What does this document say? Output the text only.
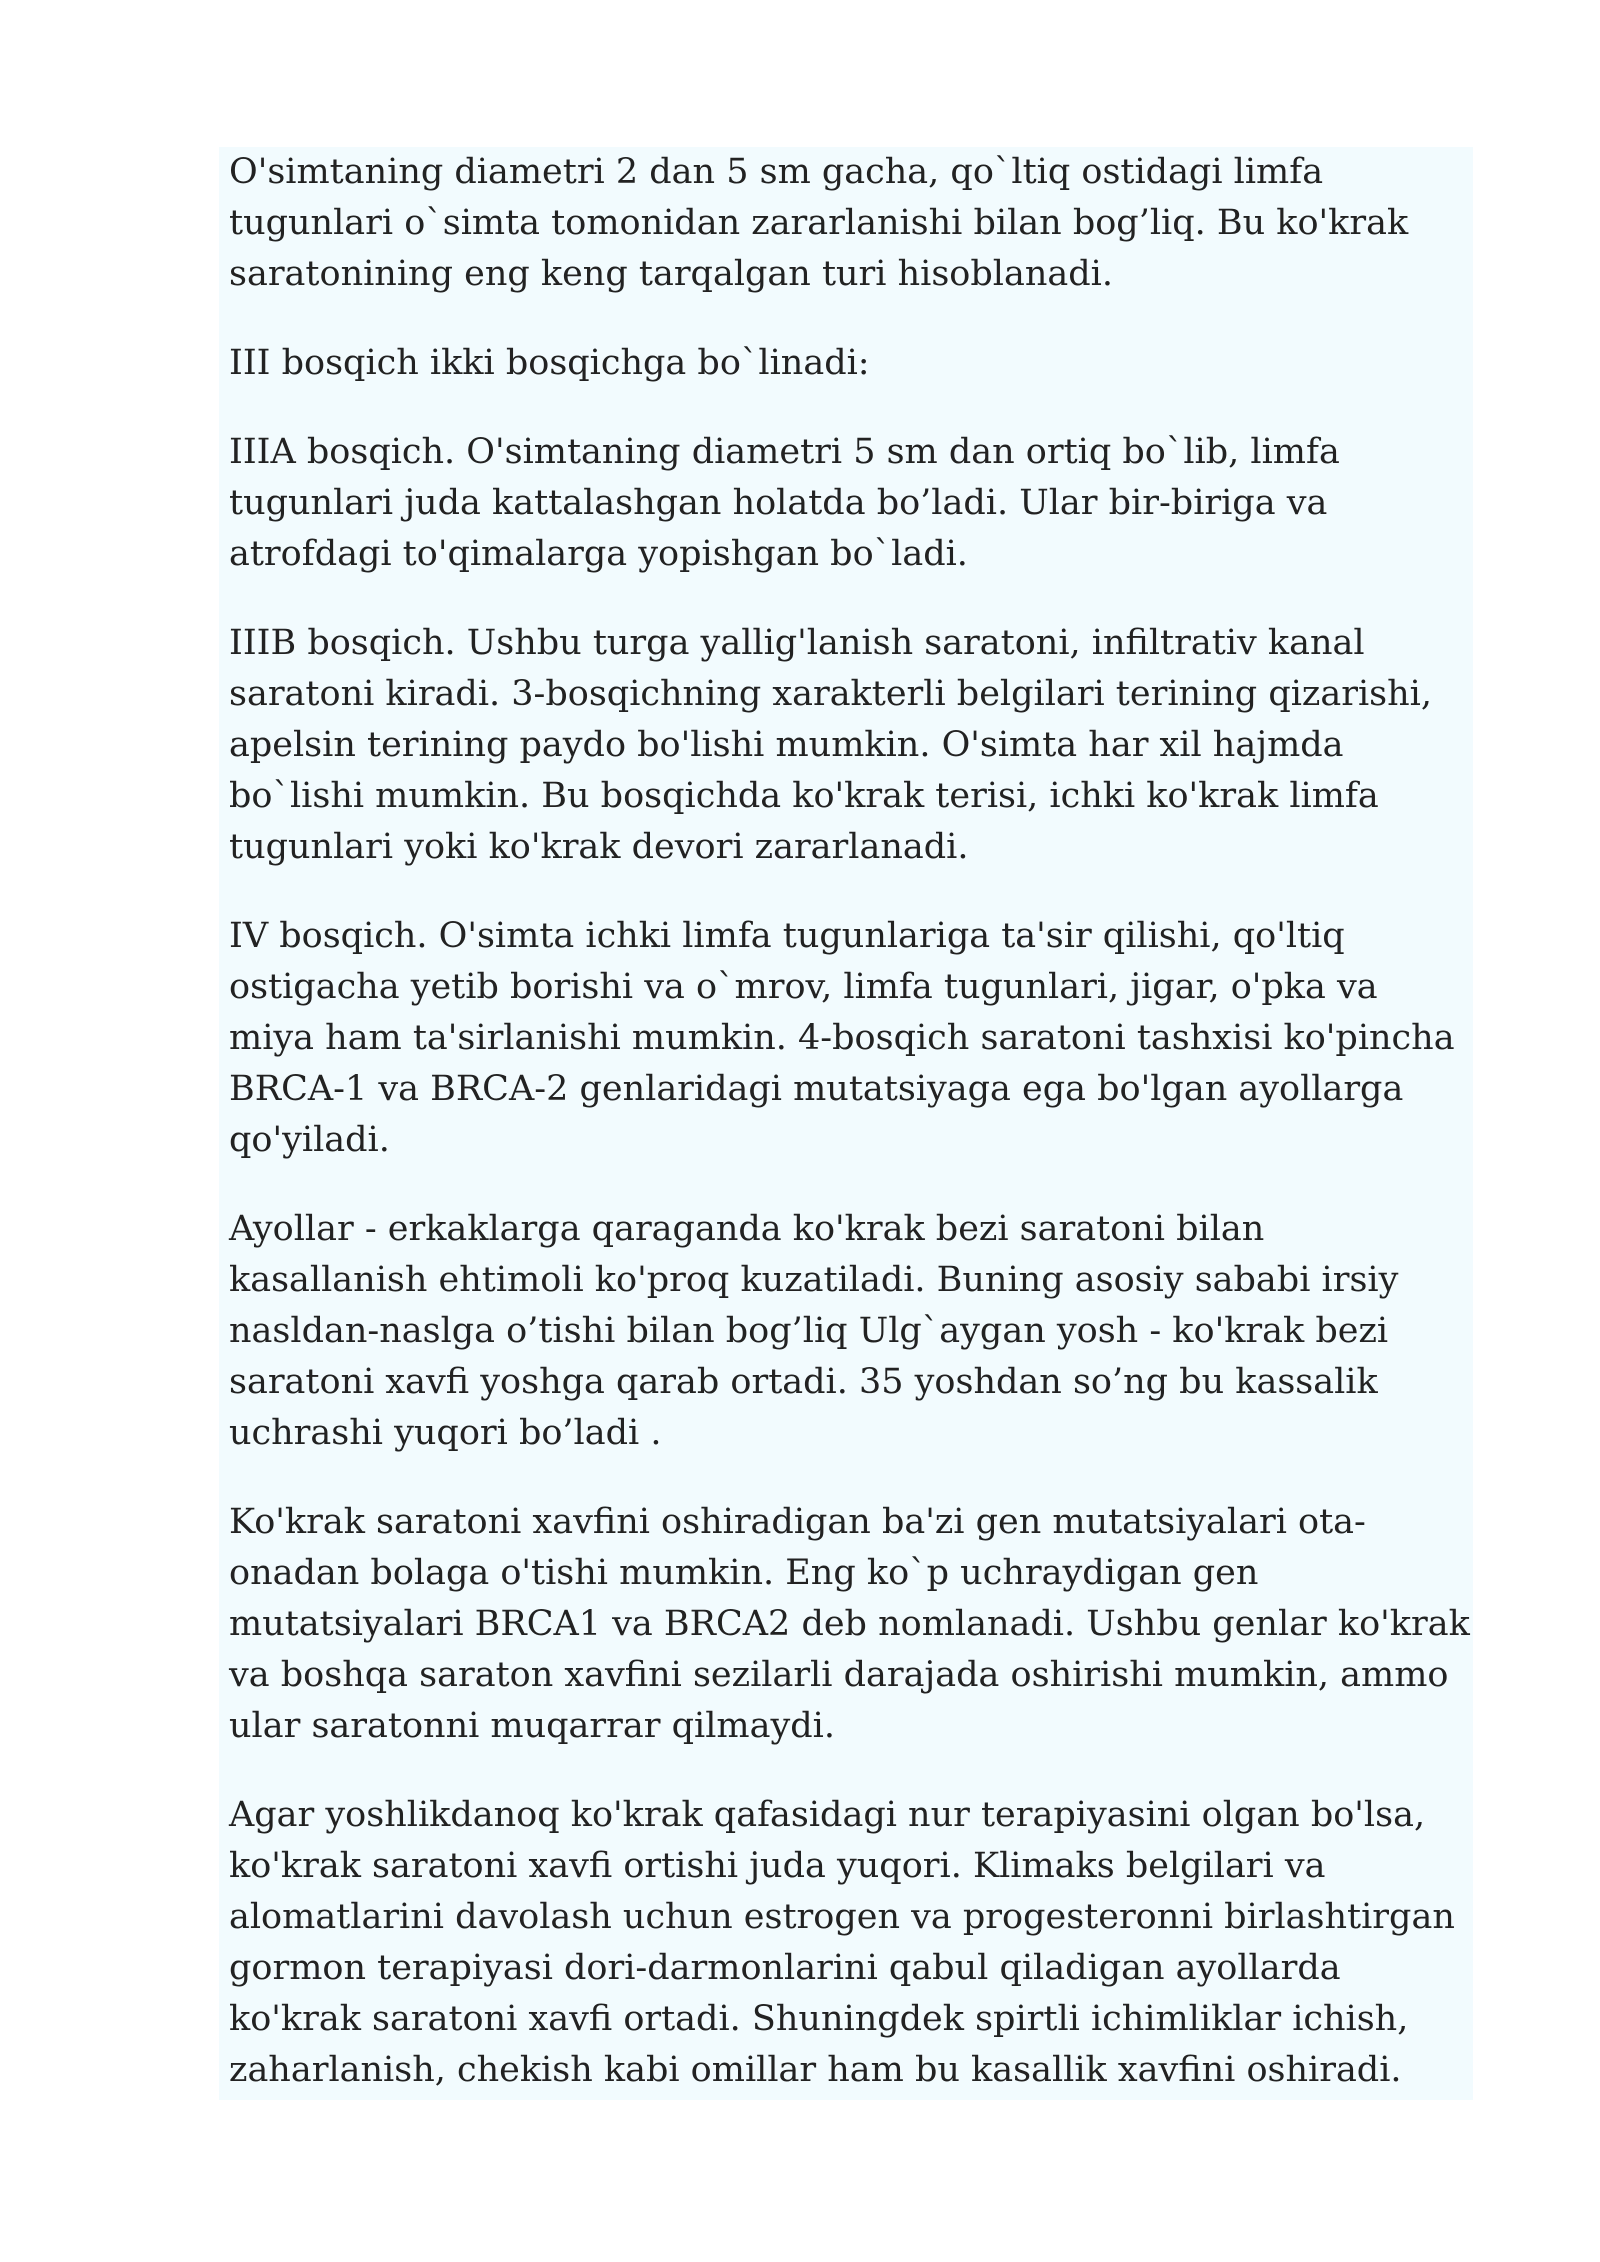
O'simtaning diametri 2 dan 5 sm gacha, qo`ltiq ostidagi limfa
tugunlari o`simta tomonidan zararlanishi bilan bog’liq. Bu ko'krak
saratonining eng keng tarqalgan turi hisoblanadi.

III bosqich ikki bosqichga bo`linadi:

IIIA bosqich. O'simtaning diametri 5 sm dan ortiq bo`lib, limfa
tugunlari juda kattalashgan holatda bo’ladi. Ular bir-biriga va
atrofdagi to'qimalarga yopishgan bo`ladi.

IIIB bosqich. Ushbu turga yallig'lanish saratoni, infiltrativ kanal
saratoni kiradi. 3-bosqichning xarakterli belgilari terining qizarishi,
apelsin terining paydo bo'lishi mumkin. O'simta har xil hajmda
bo`lishi mumkin. Bu bosqichda ko'krak terisi, ichki ko'krak limfa
tugunlari yoki ko'krak devori zararlanadi.

IV bosqich. O'simta ichki limfa tugunlariga ta'sir qilishi, qo'ltiq
ostigacha yetib borishi va o`mrov, limfa tugunlari, jigar, o'pka va
miya ham ta'sirlanishi mumkin. 4-bosqich saratoni tashxisi ko'pincha
BRCA-1 va BRCA-2 genlaridagi mutatsiyaga ega bo'lgan ayollarga
qo'yiladi.

Ayollar - erkaklarga qaraganda ko'krak bezi saratoni bilan
kasallanish ehtimoli ko'proq kuzatiladi. Buning asosiy sababi irsiy
nasldan-naslga o’tishi bilan bog’liq Ulg`aygan yosh - ko'krak bezi
saratoni xavfi yoshga qarab ortadi. 35 yoshdan so’ng bu kassalik
uchrashi yuqori bo’ladi .

Ko'krak saratoni xavfini oshiradigan ba'zi gen mutatsiyalari ota-
onadan bolaga o'tishi mumkin. Eng ko`p uchraydigan gen
mutatsiyalari BRCA1 va BRCA2 deb nomlanadi. Ushbu genlar ko'krak
va boshqa saraton xavfini sezilarli darajada oshirishi mumkin, ammo
ular saratonni muqarrar qilmaydi.

Agar yoshlikdanoq ko'krak qafasidagi nur terapiyasini olgan bo'lsa,
ko'krak saratoni xavfi ortishi juda yuqori. Klimaks belgilari va
alomatlarini davolash uchun estrogen va progesteronni birlashtirgan
gormon terapiyasi dori-darmonlarini qabul qiladigan ayollarda
ko'krak saratoni xavfi ortadi. Shuningdek spirtli ichimliklar ichish,
zaharlanish, chekish kabi omillar ham bu kasallik xavfini oshiradi.
